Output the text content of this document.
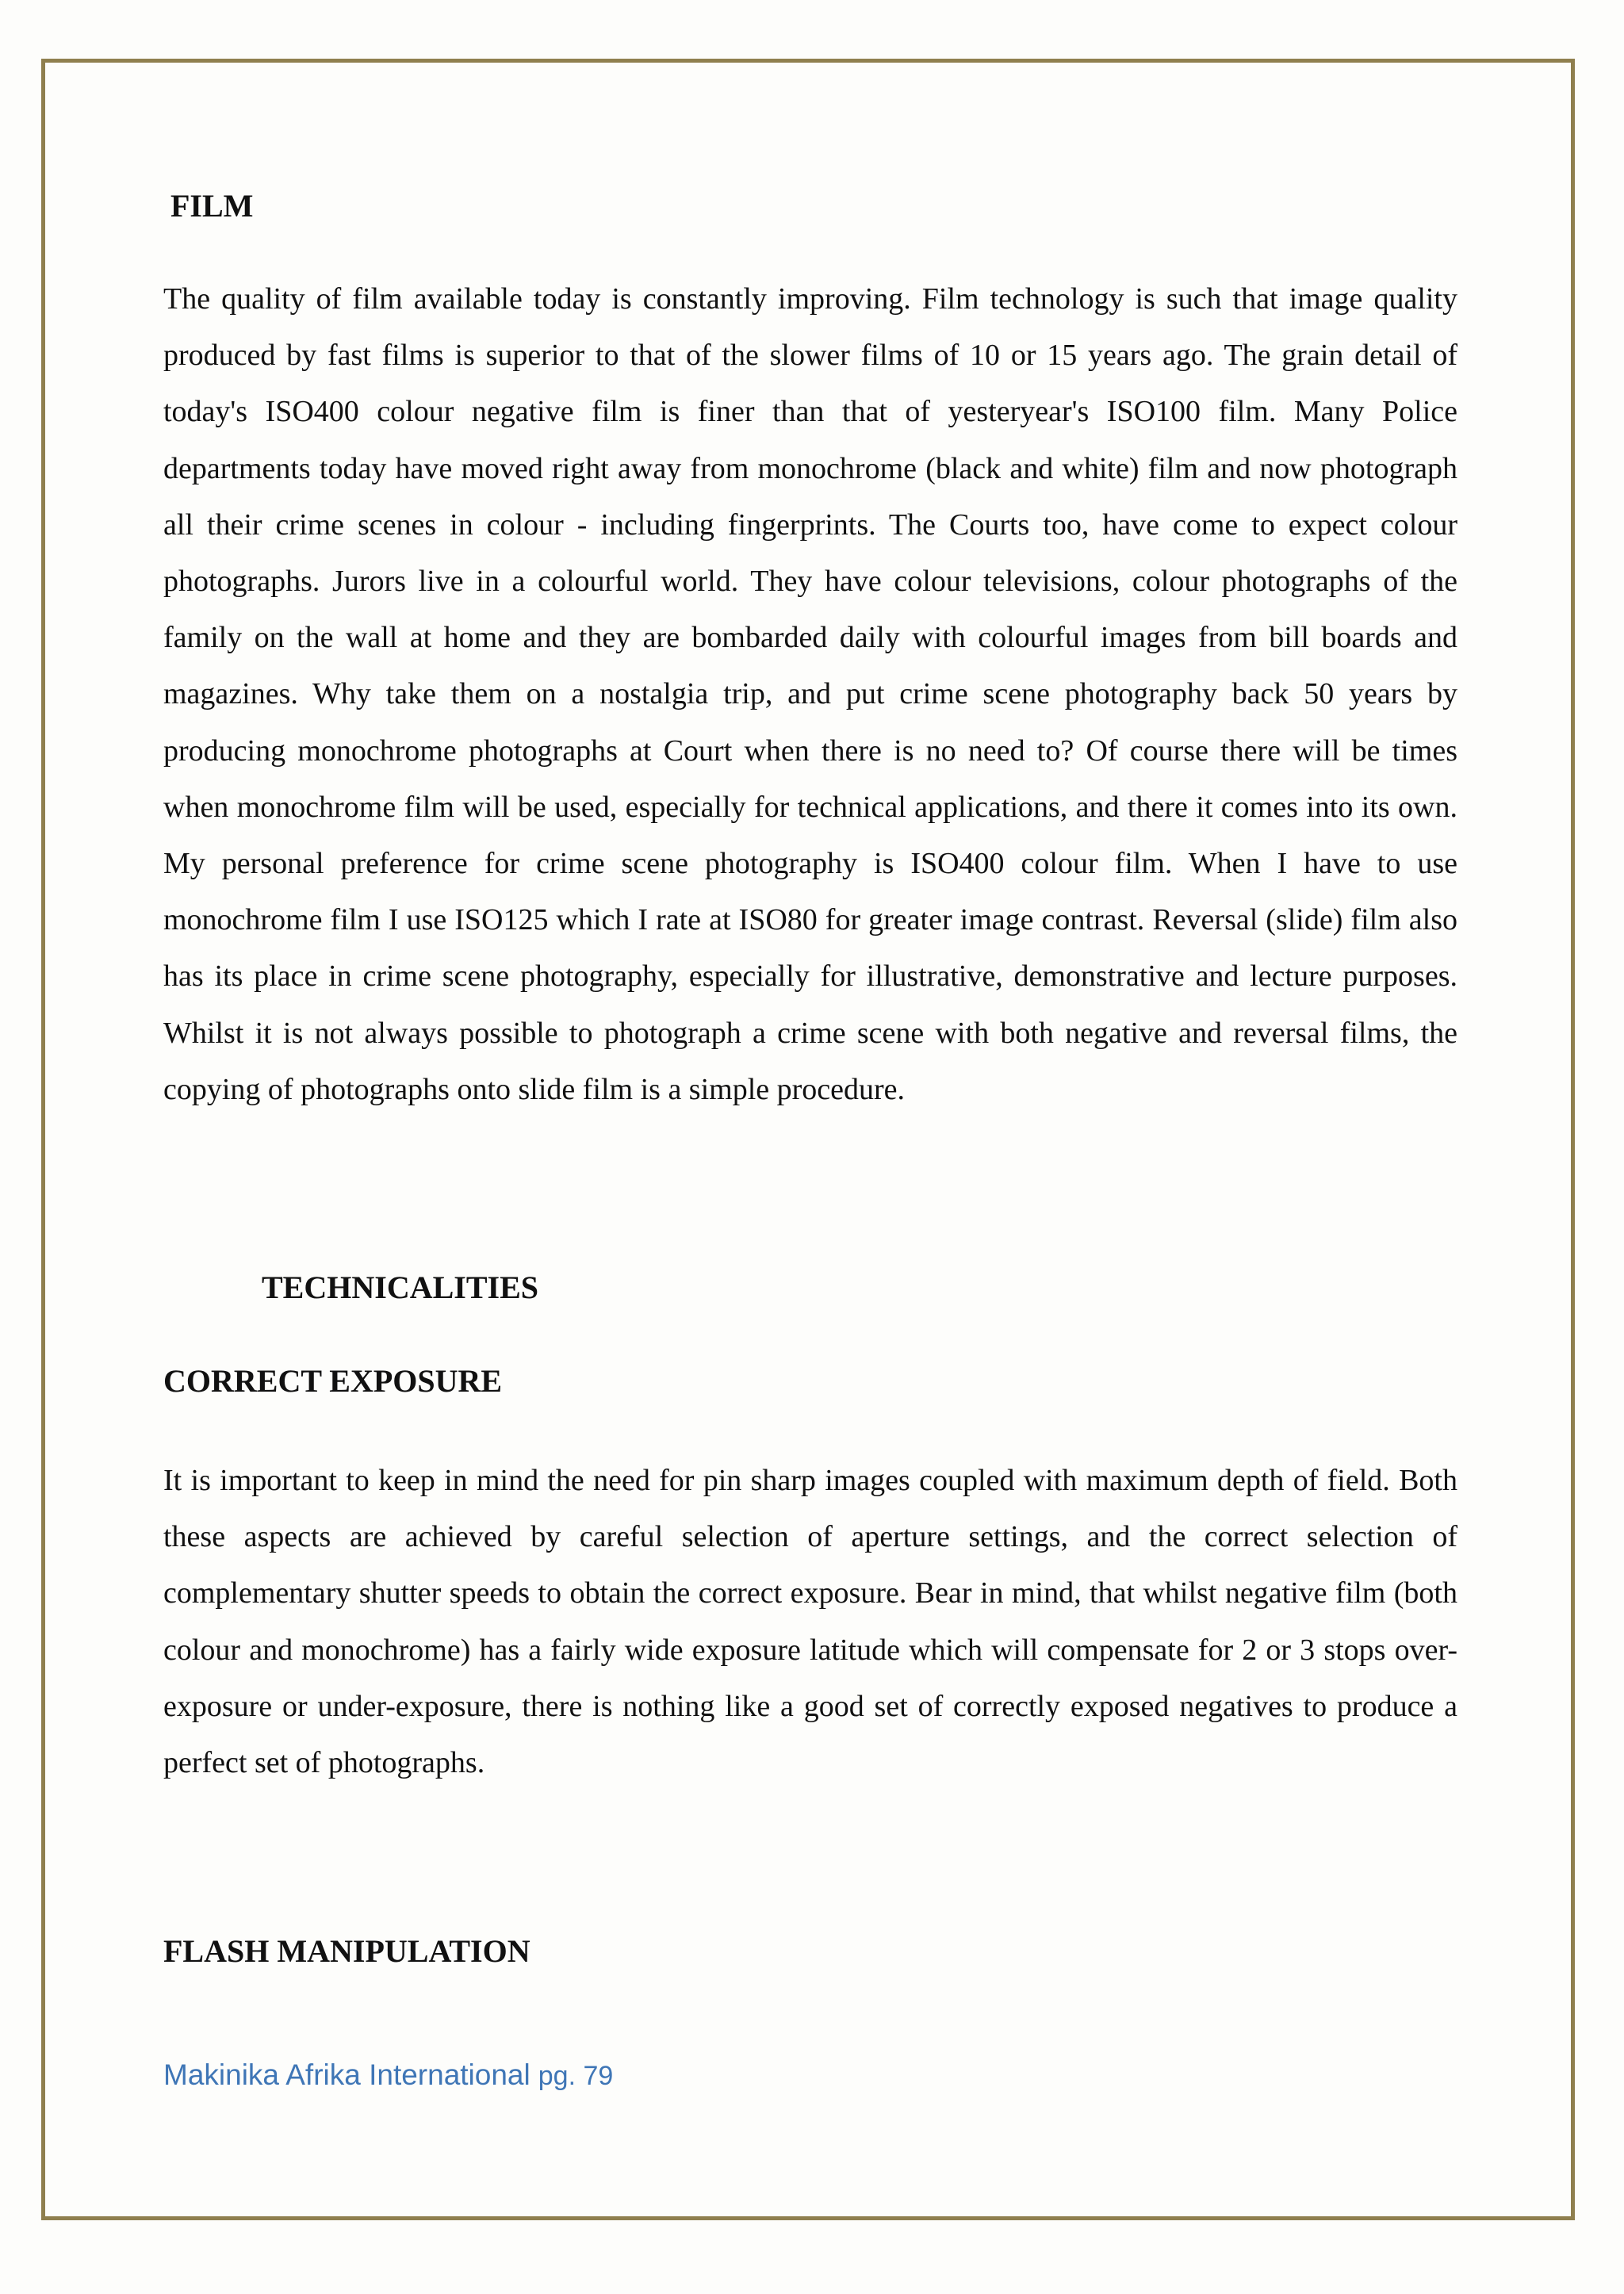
FILM

The quality of film available today is constantly improving. Film technology is such that image quality produced by fast films is superior to that of the slower films of 10 or 15 years ago. The grain detail of today's ISO400 colour negative film is finer than that of yesteryear's ISO100 film. Many Police departments today have moved right away from monochrome (black and white) film and now photograph all their crime scenes in colour - including fingerprints. The Courts too, have come to expect colour photographs. Jurors live in a colourful world. They have colour televisions, colour photographs of the family on the wall at home and they are bombarded daily with colourful images from bill boards and magazines. Why take them on a nostalgia trip, and put crime scene photography back 50 years by producing monochrome photographs at Court when there is no need to? Of course there will be times when monochrome film will be used, especially for technical applications, and there it comes into its own. My personal preference for crime scene photography is ISO400 colour film. When I have to use monochrome film I use ISO125 which I rate at ISO80 for greater image contrast. Reversal (slide) film also has its place in crime scene photography, especially for illustrative, demonstrative and lecture purposes. Whilst it is not always possible to photograph a crime scene with both negative and reversal films, the copying of photographs onto slide film is a simple procedure.

TECHNICALITIES
CORRECT EXPOSURE

It is important to keep in mind the need for pin sharp images coupled with maximum depth of field. Both these aspects are achieved by careful selection of aperture settings, and the correct selection of complementary shutter speeds to obtain the correct exposure. Bear in mind, that whilst negative film (both colour and monochrome) has a fairly wide exposure latitude which will compensate for 2 or 3 stops over-exposure or under-exposure, there is nothing like a good set of correctly exposed negatives to produce a perfect set of photographs.

FLASH MANIPULATION
Makinika Afrika International pg. 79
